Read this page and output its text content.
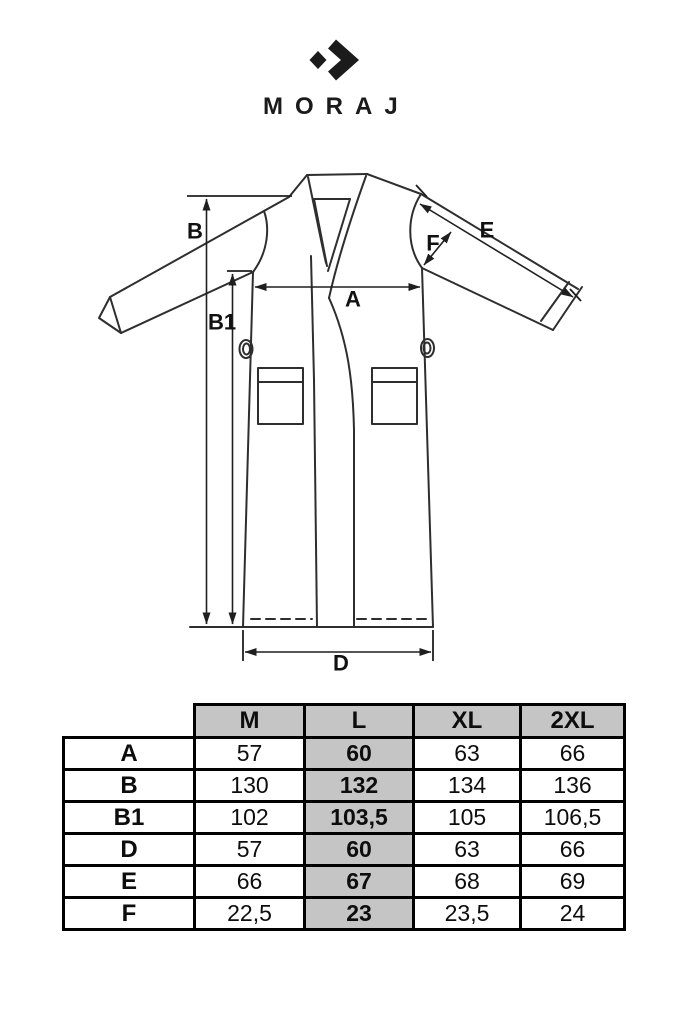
MORAJ
B
B1
A
F
E
D
	M	L	XL	2XL
A	57	60	63	66
B	130	132	134	136
B1	102	103,5	105	106,5
D	57	60	63	66
E	66	67	68	69
F	22,5	23	23,5	24
